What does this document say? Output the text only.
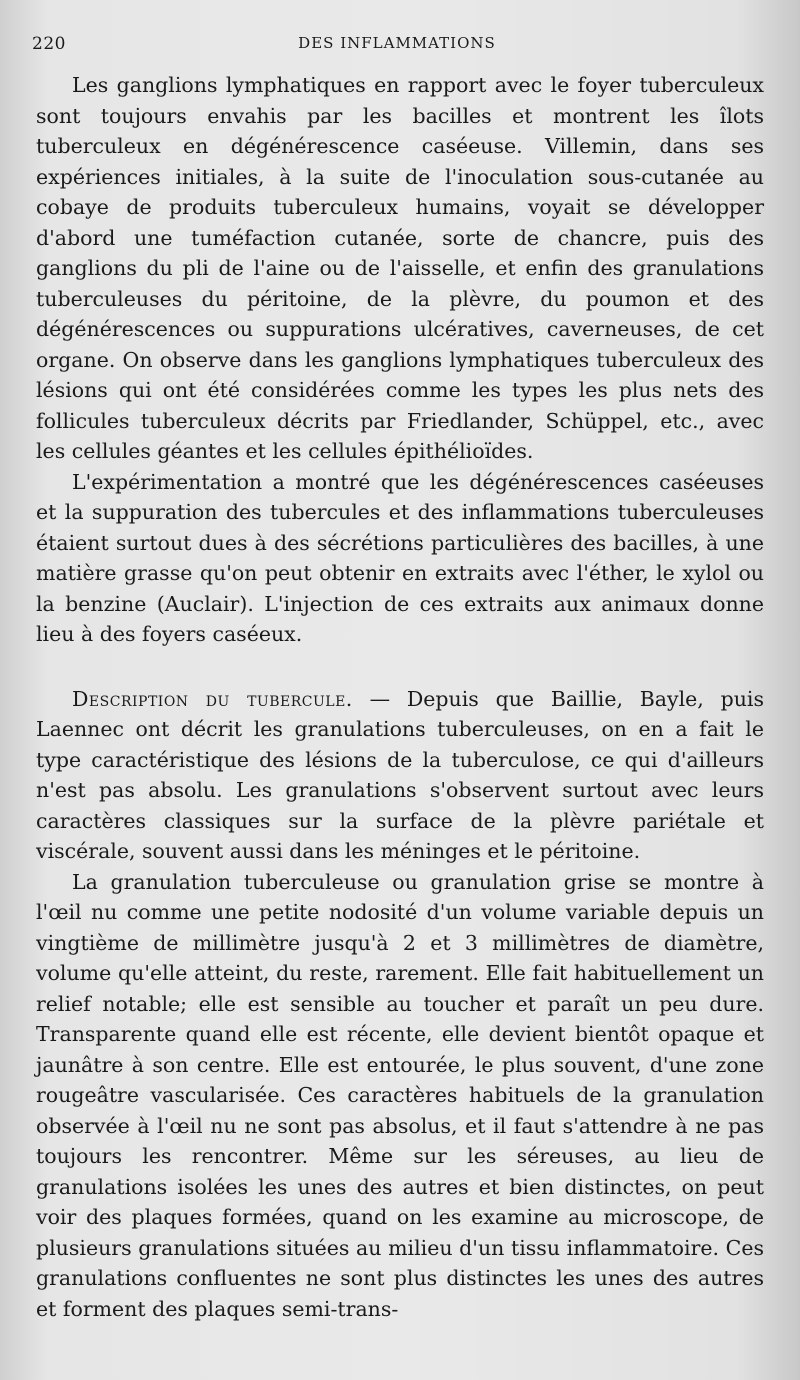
220	DES INFLAMMATIONS

Les ganglions lymphatiques en rapport avec le foyer tuberculeux sont toujours envahis par les bacilles et montrent les îlots tuberculeux en dégénérescence caséeuse. Villemin, dans ses expériences initiales, à la suite de l'inoculation sous-cutanée au cobaye de produits tuberculeux humains, voyait se développer d'abord une tuméfaction cutanée, sorte de chancre, puis des ganglions du pli de l'aine ou de l'aisselle, et enfin des granulations tuberculeuses du péritoine, de la plèvre, du poumon et des dégénérescences ou suppurations ulcératives, caverneuses, de cet organe. On observe dans les ganglions lymphatiques tuberculeux des lésions qui ont été considérées comme les types les plus nets des follicules tuberculeux décrits par Friedlander, Schüppel, etc., avec les cellules géantes et les cellules épithélioïdes.

L'expérimentation a montré que les dégénérescences caséeuses et la suppuration des tubercules et des inflammations tuberculeuses étaient surtout dues à des sécrétions particulières des bacilles, à une matière grasse qu'on peut obtenir en extraits avec l'éther, le xylol ou la benzine (Auclair). L'injection de ces extraits aux animaux donne lieu à des foyers caséeux.

Description du tubercule. — Depuis que Baillie, Bayle, puis Laennec ont décrit les granulations tuberculeuses, on en a fait le type caractéristique des lésions de la tuberculose, ce qui d'ailleurs n'est pas absolu. Les granulations s'observent surtout avec leurs caractères classiques sur la surface de la plèvre pariétale et viscérale, souvent aussi dans les méninges et le péritoine.

La granulation tuberculeuse ou granulation grise se montre à l'œil nu comme une petite nodosité d'un volume variable depuis un vingtième de millimètre jusqu'à 2 et 3 millimètres de diamètre, volume qu'elle atteint, du reste, rarement. Elle fait habituellement un relief notable; elle est sensible au toucher et paraît un peu dure. Transparente quand elle est récente, elle devient bientôt opaque et jaunâtre à son centre. Elle est entourée, le plus souvent, d'une zone rougeâtre vascularisée. Ces caractères habituels de la granulation observée à l'œil nu ne sont pas absolus, et il faut s'attendre à ne pas toujours les rencontrer. Même sur les séreuses, au lieu de granulations isolées les unes des autres et bien distinctes, on peut voir des plaques formées, quand on les examine au microscope, de plusieurs granulations situées au milieu d'un tissu inflammatoire. Ces granulations confluentes ne sont plus distinctes les unes des autres et forment des plaques semi-trans-
